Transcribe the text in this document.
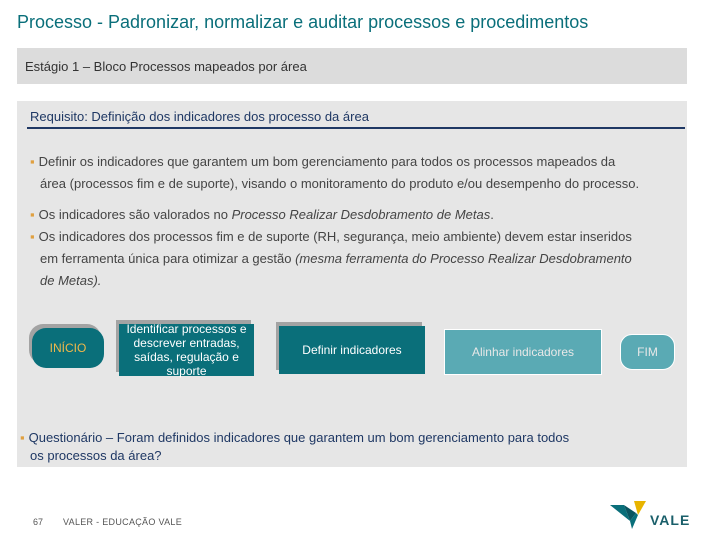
Processo - Padronizar, normalizar e auditar processos e procedimentos
Estágio 1 – Bloco Processos mapeados por área
Requisito: Definição dos indicadores dos processo da área
▪ Definir os indicadores que garantem um bom gerenciamento para todos os processos mapeados da
área (processos fim e de suporte), visando o monitoramento do produto e/ou desempenho do processo.
▪ Os indicadores são valorados no Processo Realizar Desdobramento de Metas.
▪ Os indicadores dos processos fim e de suporte (RH, segurança, meio ambiente) devem estar inseridos
em ferramenta única para otimizar a gestão (mesma ferramenta do Processo Realizar Desdobramento
de Metas).
INÍCIO
Identificar processos e descrever entradas, saídas, regulação e suporte
Definir indicadores	Alinhar indicadores	FIM
▪ Questionário – Foram definidos indicadores que garantem um bom gerenciamento para todos
os processos da área?
67 VALER - EDUCAÇÃO VALE	VALE
